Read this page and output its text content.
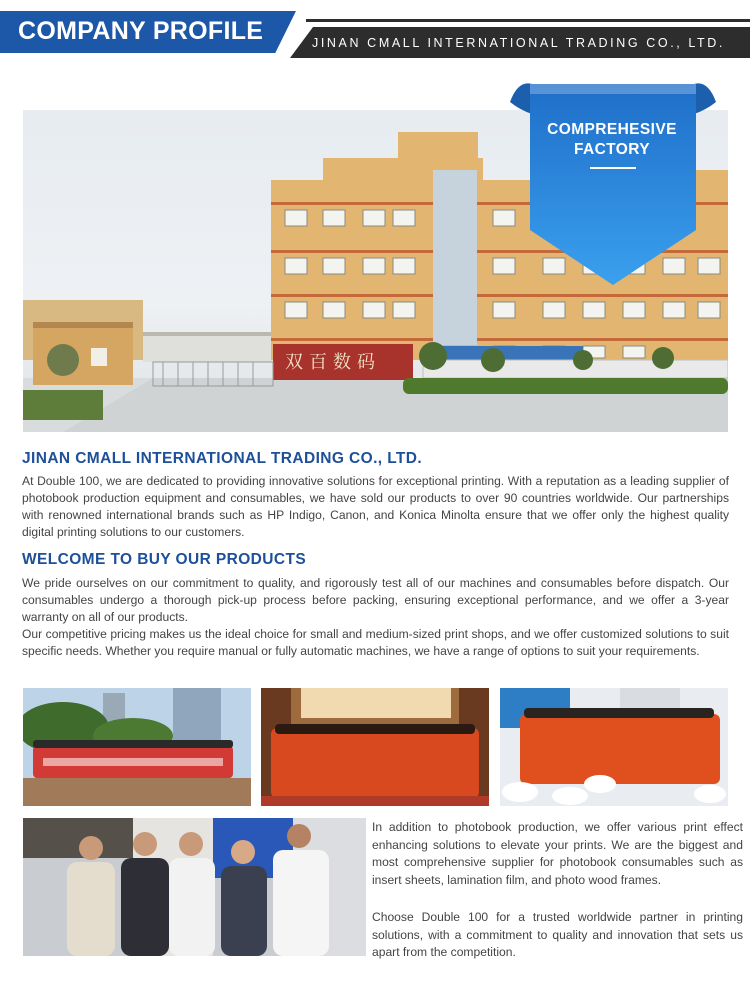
COMPANY PROFILE	JINAN CMALL INTERNATIONAL TRADING CO., LTD.
双百数码
COMPREHESIVE
FACTORY
JINAN CMALL INTERNATIONAL TRADING CO., LTD.
At Double 100, we are dedicated to providing innovative solutions for exceptional printing. With a reputation as a leading supplier of photobook production equipment and consumables, we have sold our products to over 90 countries worldwide. Our partnerships with renowned international brands such as HP Indigo, Canon, and Konica Minolta ensure that we offer only the highest quality digital printing solutions to our customers.
WELCOME TO BUY OUR PRODUCTS
We pride ourselves on our commitment to quality, and rigorously test all of our machines and consumables before dispatch. Our consumables undergo a thorough pick-up process before packing, ensuring exceptional performance, and we offer a 3-year warranty on all of our products.
Our competitive pricing makes us the ideal choice for small and medium-sized print shops, and we offer customized solutions to suit specific needs. Whether you require manual or fully automatic machines, we have a range of options to suit your requirements.
In addition to photobook production, we offer various print effect enhancing solutions to elevate your prints. We are the biggest and most comprehensive supplier for photobook consumables such as insert sheets, lamination film, and photo wood frames.
Choose Double 100 for a trusted worldwide partner in printing solutions, with a commitment to quality and innovation that sets us apart from the competition.
